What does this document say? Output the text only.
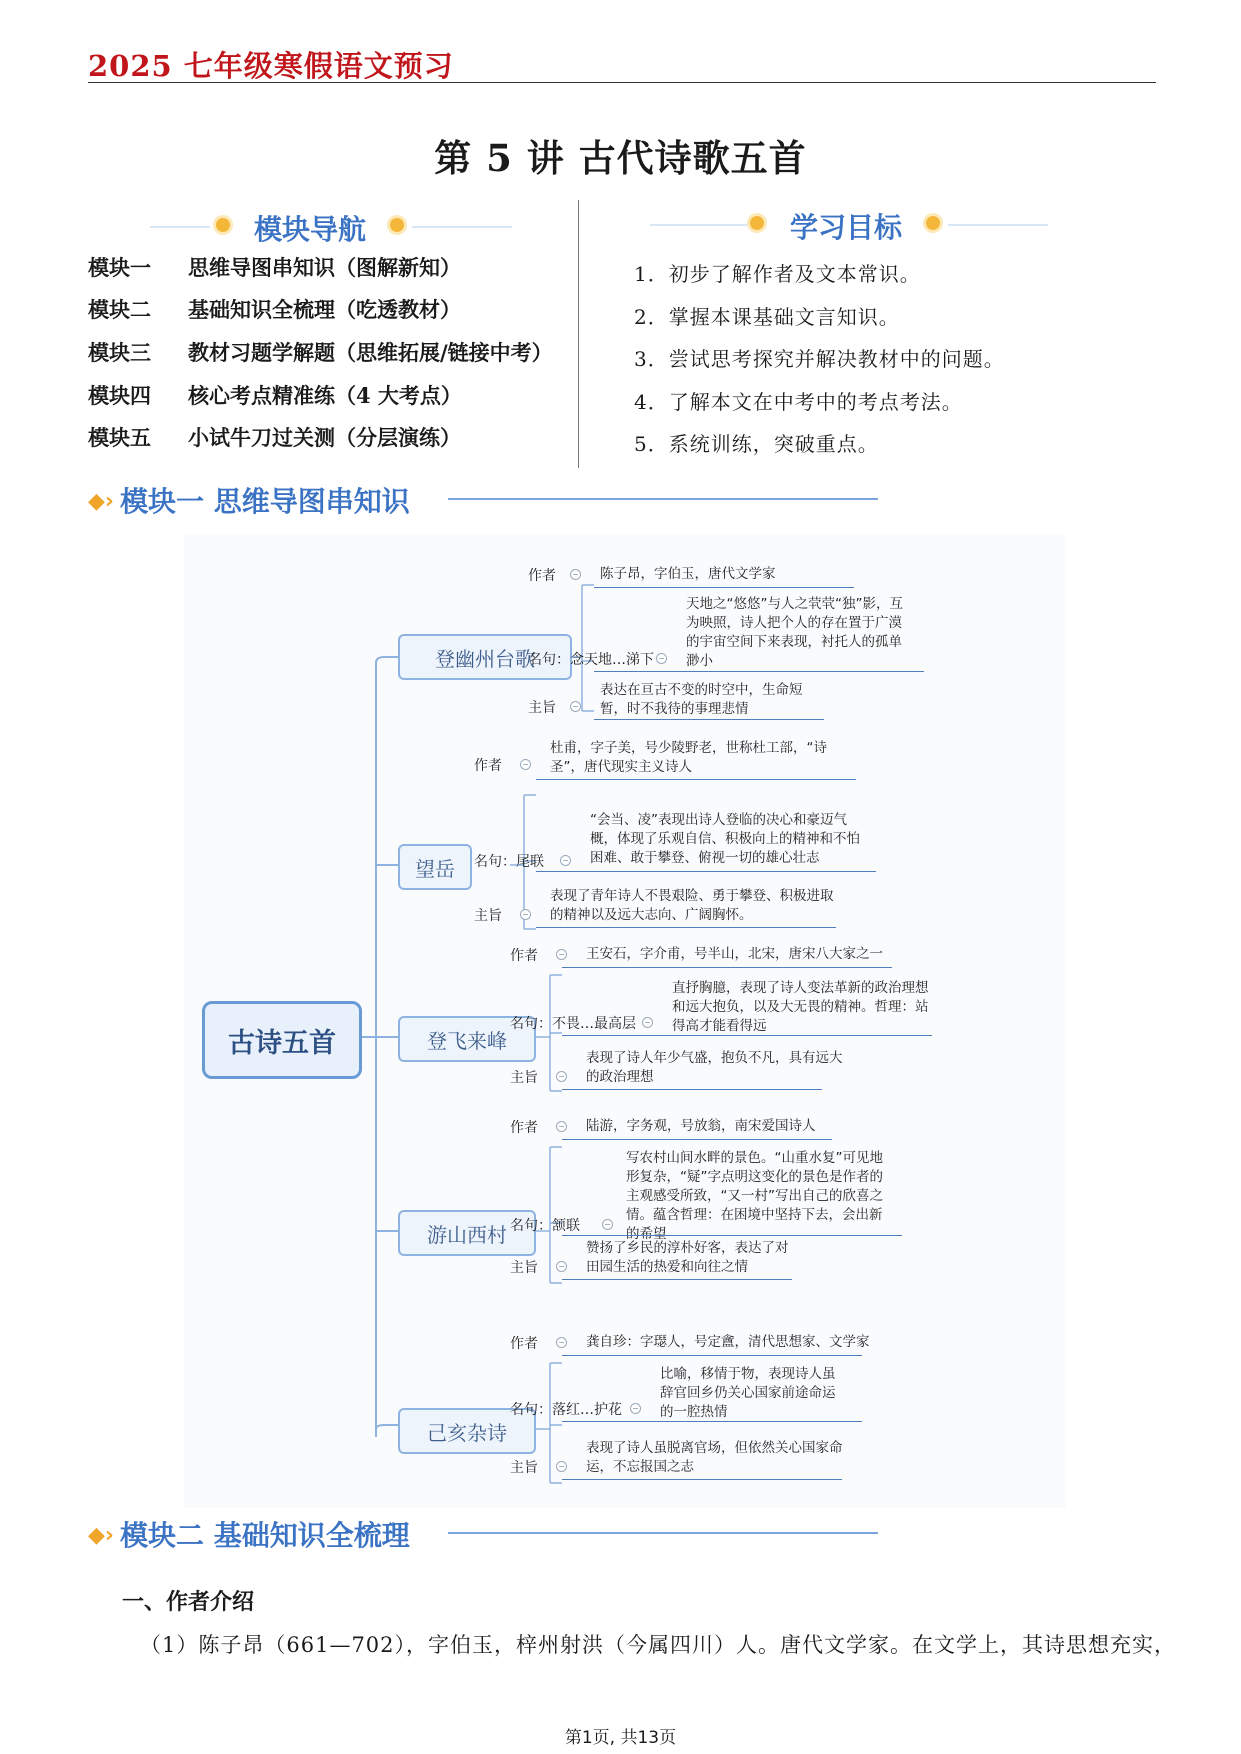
2025 七年级寒假语文预习
第 5 讲 古代诗歌五首
模块导航	学习目标
模块一 思维导图串知识（图解新知）
模块二 基础知识全梳理（吃透教材）
模块三 教材习题学解题（思维拓展/链接中考）
模块四 核心考点精准练（4 大考点）
模块五 小试牛刀过关测（分层演练）
1．初步了解作者及文本常识。
2．掌握本课基础文言知识。
3．尝试思考探究并解决教材中的问题。
4．了解本文在中考中的考点考法。
5．系统训练，突破重点。
◆› 模块一 思维导图串知识
古诗五首
登幽州台歌
作者 − 陈子昂，字伯玉，唐代文学家
名句：念天地…涕下 −
天地之“悠悠”与人之茕茕“独”影，互为映照，诗人把个人的存在置于广漠的宇宙空间下来表现，衬托人的孤单渺小
主旨 −
表达在亘古不变的时空中，生命短暂，时不我待的事理悲情
望岳
作者	−
杜甫，字子美，号少陵野老，世称杜工部，“诗圣”，唐代现实主义诗人
名句：尾联 −
“会当、凌”表现出诗人登临的决心和豪迈气概，体现了乐观自信、积极向上的精神和不怕困难、敢于攀登、俯视一切的雄心壮志
主旨	−
表现了青年诗人不畏艰险、勇于攀登、积极进取的精神以及远大志向、广阔胸怀。
登飞来峰
作者	− 王安石，字介甫，号半山，北宋，唐宋八大家之一
名句：不畏…最高层 −
直抒胸臆，表现了诗人变法革新的政治理想和远大抱负，以及大无畏的精神。哲理：站得高才能看得远
主旨	−
表现了诗人年少气盛，抱负不凡，具有远大的政治理想
游山西村
作者	− 陆游，字务观，号放翁，南宋爱国诗人
名句：颔联	−
写农村山间水畔的景色。“山重水复”可见地形复杂，“疑”字点明这变化的景色是作者的主观感受所致，“又一村”写出自己的欣喜之情。蕴含哲理：在困境中坚持下去，会出新的希望
主旨	−
赞扬了乡民的淳朴好客，表达了对田园生活的热爱和向往之情
己亥杂诗
作者	− 龚自珍：字璱人，号定盦，清代思想家、文学家
名句：落红…护花 −
比喻，移情于物，表现诗人虽辞官回乡仍关心国家前途命运的一腔热情
主旨	−
表现了诗人虽脱离官场，但依然关心国家命运，不忘报国之志
◆› 模块二 基础知识全梳理
一、作者介绍
（1）陈子昂（661—702），字伯玉，梓州射洪（今属四川）人。唐代文学家。在文学上，其诗思想充实，
第1页, 共13页
